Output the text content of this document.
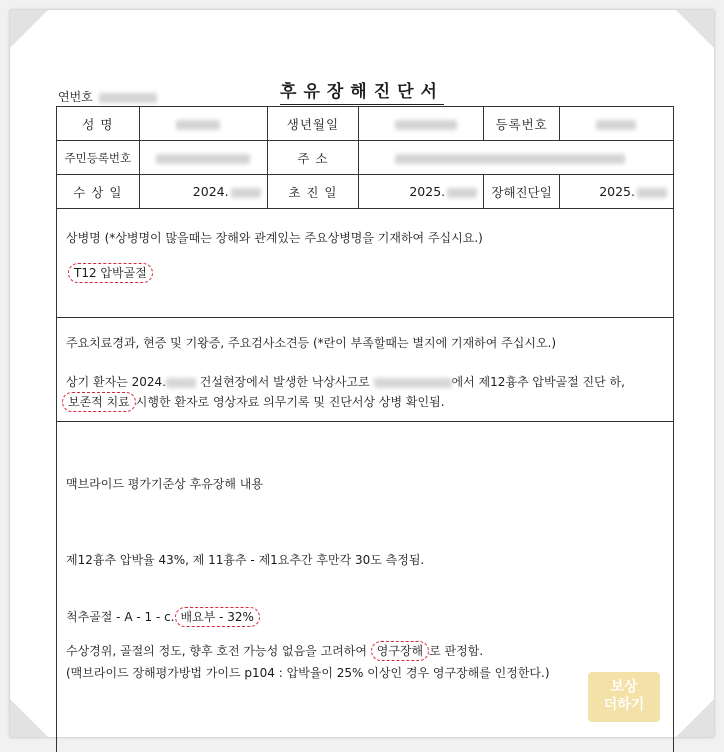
연번호	후유장해진단서
성 명		생년월일		등록번호	
주민등록번호		주 소			
수 상 일	2024.	초 진 일	2025.	장해진단일	2025.
상병명 (*상병명이 많을때는 장해와 관계있는 주요상병명을 기재하여 주십시요.)
T12 압박골절
주요치료경과, 현증 및 기왕증, 주요검사소견등 (*란이 부족할때는 별지에 기재하여 주십시오.)
상기 환자는 2024.	건설현장에서 발생한 낙상사고로	에서 제12흉추 압박골절 진단 하,
보존적 치료 시행한 환자로 영상자료 의무기록 및 진단서상 상병 확인됨.
맥브라이드 평가기준상 후유장해 내용
제12흉추 압박율 43%, 제 11흉추 - 제1요추간 후만각 30도 측정됨.
척추골절 - A - 1 - c. 배요부 - 32%
수상경위, 골절의 정도, 향후 호전 가능성 없음을 고려하여 영구장해 로 판정함.
(맥브라이드 장해평가방법 가이드 p104 : 압박율이 25% 이상인 경우 영구장해를 인정한다.)
보상
더하기
